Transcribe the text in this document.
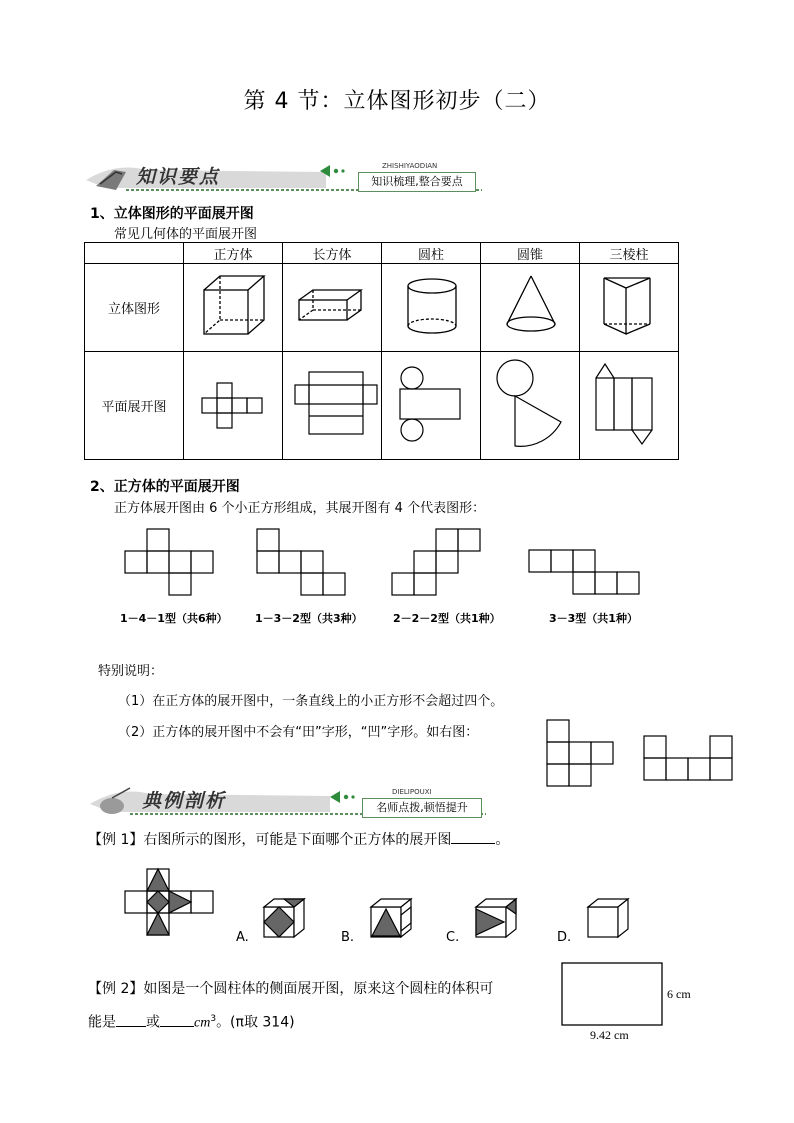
第 4 节：立体图形初步（二）
知识要点	ZHISHIYAODIAN
知识梳理,整合要点
1、立体图形的平面展开图
常见几何体的平面展开图
	正方体	长方体	圆柱	圆锥	三棱柱
立体图形					
平面展开图					
2、正方体的平面展开图
正方体展开图由 6 个小正方形组成，其展开图有 4 个代表图形：
1－4－1型（共6种） 1－3－2型（共3种）	2－2－2型（共1种）	3－3型（共1种）
特别说明：
（1）在正方体的展开图中，一条直线上的小正方形不会超过四个。
（2）正方体的展开图中不会有“田”字形，“凹”字形。如右图：
典例剖析	DIELIPOUXI
名师点拨,顿悟提升
【例 1】右图所示的图形，可能是下面哪个正方体的展开图	。
A.	B.	C.	D.
【例 2】如图是一个圆柱体的侧面展开图，原来这个圆柱的体积可
能是 或 $cm^3$。(π取 314)
6 cm
9.42 cm
